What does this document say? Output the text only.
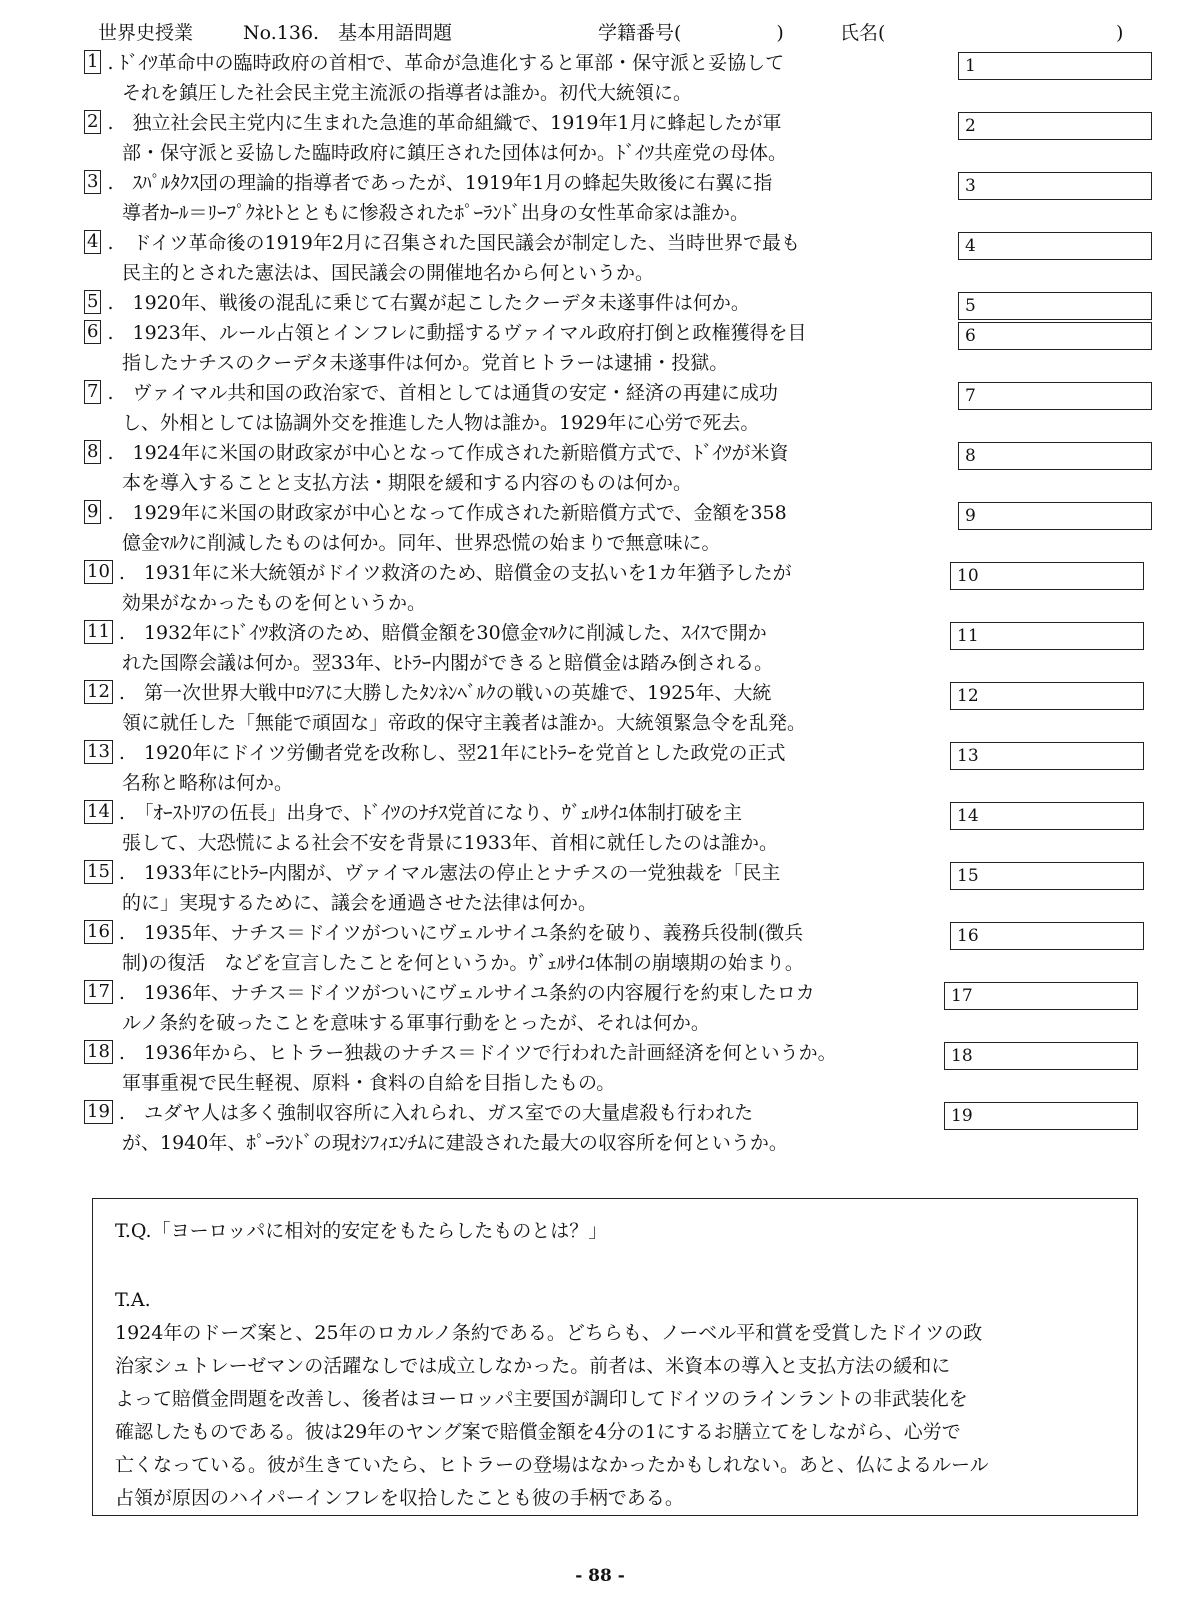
世界史授業	No.136. 基本用語問題	学籍番号(　　　　　)	氏名(	)
1 . ﾄﾞｲﾂ革命中の臨時政府の首相で、革命が急進化すると軍部・保守派と妥協して
それを鎮圧した社会民主党主流派の指導者は誰か。初代大統領に。
1
2 .　独立社会民主党内に生まれた急進的革命組織で、1919年1月に蜂起したが軍
部・保守派と妥協した臨時政府に鎮圧された団体は何か。ﾄﾞｲﾂ共産党の母体。
2
3 .　ｽﾊﾟﾙﾀｸｽ団の理論的指導者であったが、1919年1月の蜂起失敗後に右翼に指
導者ｶｰﾙ＝ﾘｰﾌﾟｸﾈﾋﾄとともに惨殺されたﾎﾟｰﾗﾝﾄﾞ出身の女性革命家は誰か。
3
4 .　ドイツ革命後の1919年2月に召集された国民議会が制定した、当時世界で最も
民主的とされた憲法は、国民議会の開催地名から何というか。
4
5 .　1920年、戦後の混乱に乗じて右翼が起こしたクーデタ未遂事件は何か。	5
6 .　1923年、ルール占領とインフレに動揺するヴァイマル政府打倒と政権獲得を目
指したナチスのクーデタ未遂事件は何か。党首ヒトラーは逮捕・投獄。
6
7 .　ヴァイマル共和国の政治家で、首相としては通貨の安定・経済の再建に成功
し、外相としては協調外交を推進した人物は誰か。1929年に心労で死去。
7
8 .　1924年に米国の財政家が中心となって作成された新賠償方式で、ﾄﾞｲﾂが米資
本を導入することと支払方法・期限を緩和する内容のものは何か。
8
9 .　1929年に米国の財政家が中心となって作成された新賠償方式で、金額を358
億金ﾏﾙｸに削減したものは何か。同年、世界恐慌の始まりで無意味に。
9
10 .　1931年に米大統領がドイツ救済のため、賠償金の支払いを1カ年猶予したが
効果がなかったものを何というか。
10
11 .　1932年にﾄﾞｲﾂ救済のため、賠償金額を30億金ﾏﾙｸに削減した、ｽｲｽで開か
れた国際会議は何か。翌33年、ﾋﾄﾗｰ内閣ができると賠償金は踏み倒される。
11
12 .　第一次世界大戦中ﾛｼｱに大勝したﾀﾝﾈﾝﾍﾞﾙｸの戦いの英雄で、1925年、大統
領に就任した「無能で頑固な」帝政的保守主義者は誰か。大統領緊急令を乱発。
12
13 .　1920年にドイツ労働者党を改称し、翌21年にﾋﾄﾗｰを党首とした政党の正式
名称と略称は何か。
13
14 .　「ｵｰｽﾄﾘｱの伍長」出身で、ﾄﾞｲﾂのﾅﾁｽ党首になり、ｳﾞｪﾙｻｲﾕ体制打破を主
張して、大恐慌による社会不安を背景に1933年、首相に就任したのは誰か。
14
15 .　1933年にﾋﾄﾗｰ内閣が、ヴァイマル憲法の停止とナチスの一党独裁を「民主
的に」実現するために、議会を通過させた法律は何か。
15
16 .　1935年、ナチス＝ドイツがついにヴェルサイユ条約を破り、義務兵役制(徴兵
制)の復活　などを宣言したことを何というか。ｳﾞｪﾙｻｲﾕ体制の崩壊期の始まり。
16
17 .　1936年、ナチス＝ドイツがついにヴェルサイユ条約の内容履行を約束したロカ
ルノ条約を破ったことを意味する軍事行動をとったが、それは何か。
17
18 .　1936年から、ヒトラー独裁のナチス＝ドイツで行われた計画経済を何というか。
軍事重視で民生軽視、原料・食料の自給を目指したもの。
18
19 .　ユダヤ人は多く強制収容所に入れられ、ガス室での大量虐殺も行われた
が、1940年、ﾎﾟｰﾗﾝﾄﾞの現ｵｼﾌｨｴﾝﾁﾑに建設された最大の収容所を何というか。
19
T.Q.「ヨーロッパに相対的安定をもたらしたものとは？」
T.A.
1924年のドーズ案と、25年のロカルノ条約である。どちらも、ノーベル平和賞を受賞したドイツの政
治家シュトレーゼマンの活躍なしでは成立しなかった。前者は、米資本の導入と支払方法の緩和に
よって賠償金問題を改善し、後者はヨーロッパ主要国が調印してドイツのラインラントの非武装化を
確認したものである。彼は29年のヤング案で賠償金額を4分の1にするお膳立てをしながら、心労で
亡くなっている。彼が生きていたら、ヒトラーの登場はなかったかもしれない。あと、仏によるルール
占領が原因のハイパーインフレを収拾したことも彼の手柄である。
- 88 -
